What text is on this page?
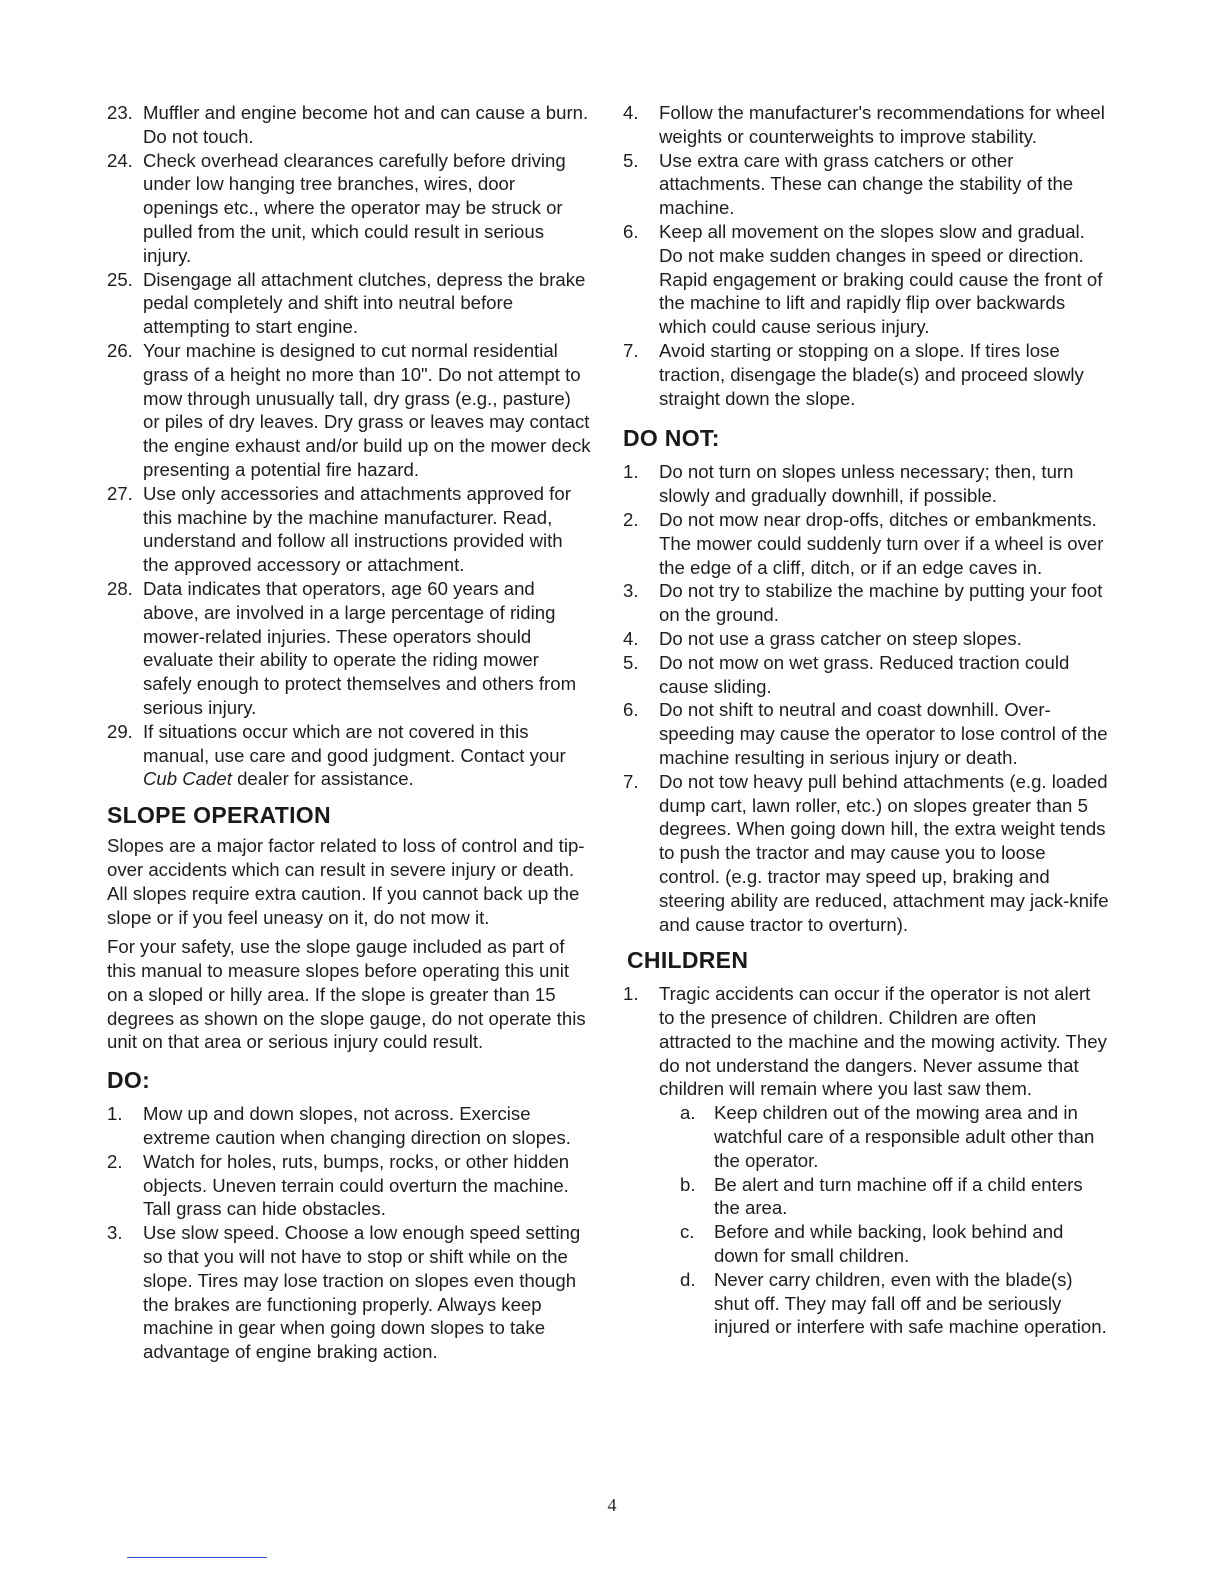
23. Muffler and engine become hot and can cause a burn. Do not touch.
24. Check overhead clearances carefully before driving under low hanging tree branches, wires, door openings etc., where the operator may be struck or pulled from the unit, which could result in serious injury.
25. Disengage all attachment clutches, depress the brake pedal completely and shift into neutral before attempting to start engine.
26. Your machine is designed to cut normal residential grass of a height no more than 10". Do not attempt to mow through unusually tall, dry grass (e.g., pasture) or piles of dry leaves. Dry grass or leaves may contact the engine exhaust and/or build up on the mower deck presenting a potential fire hazard.
27. Use only accessories and attachments approved for this machine by the machine manufacturer. Read, understand and follow all instructions provided with the approved accessory or attachment.
28. Data indicates that operators, age 60 years and above, are involved in a large percentage of riding mower-related injuries. These operators should evaluate their ability to operate the riding mower safely enough to protect themselves and others from serious injury.
29. If situations occur which are not covered in this manual, use care and good judgment. Contact your Cub Cadet dealer for assistance.
SLOPE OPERATION

Slopes are a major factor related to loss of control and tip-over accidents which can result in severe injury or death. All slopes require extra caution. If you cannot back up the slope or if you feel uneasy on it, do not mow it.

For your safety, use the slope gauge included as part of this manual to measure slopes before operating this unit on a sloped or hilly area. If the slope is greater than 15 degrees as shown on the slope gauge, do not operate this unit on that area or serious injury could result.

DO:
1. Mow up and down slopes, not across. Exercise extreme caution when changing direction on slopes.
2. Watch for holes, ruts, bumps, rocks, or other hidden objects. Uneven terrain could overturn the machine. Tall grass can hide obstacles.
3. Use slow speed. Choose a low enough speed setting so that you will not have to stop or shift while on the slope. Tires may lose traction on slopes even though the brakes are functioning properly. Always keep machine in gear when going down slopes to take advantage of engine braking action.
4. Follow the manufacturer's recommendations for wheel weights or counterweights to improve stability.
5. Use extra care with grass catchers or other attachments. These can change the stability of the machine.
6. Keep all movement on the slopes slow and gradual. Do not make sudden changes in speed or direction. Rapid engagement or braking could cause the front of the machine to lift and rapidly flip over backwards which could cause serious injury.
7. Avoid starting or stopping on a slope. If tires lose traction, disengage the blade(s) and proceed slowly straight down the slope.
DO NOT:
1. Do not turn on slopes unless necessary; then, turn slowly and gradually downhill, if possible.
2. Do not mow near drop-offs, ditches or embankments. The mower could suddenly turn over if a wheel is over the edge of a cliff, ditch, or if an edge caves in.
3. Do not try to stabilize the machine by putting your foot on the ground.
4. Do not use a grass catcher on steep slopes.
5. Do not mow on wet grass. Reduced traction could cause sliding.
6. Do not shift to neutral and coast downhill. Over-speeding may cause the operator to lose control of the machine resulting in serious injury or death.
7. Do not tow heavy pull behind attachments (e.g. loaded dump cart, lawn roller, etc.) on slopes greater than 5 degrees. When going down hill, the extra weight tends to push the tractor and may cause you to loose control. (e.g. tractor may speed up, braking and steering ability are reduced, attachment may jack-knife and cause tractor to overturn).
CHILDREN
1. Tragic accidents can occur if the operator is not alert to the presence of children. Children are often attracted to the machine and the mowing activity. They do not understand the dangers. Never assume that children will remain where you last saw them.
a. Keep children out of the mowing area and in watchful care of a responsible adult other than the operator.
b. Be alert and turn machine off if a child enters the area.
c. Before and while backing, look behind and down for small children.
d. Never carry children, even with the blade(s) shut off. They may fall off and be seriously injured or interfere with safe machine operation.
4
